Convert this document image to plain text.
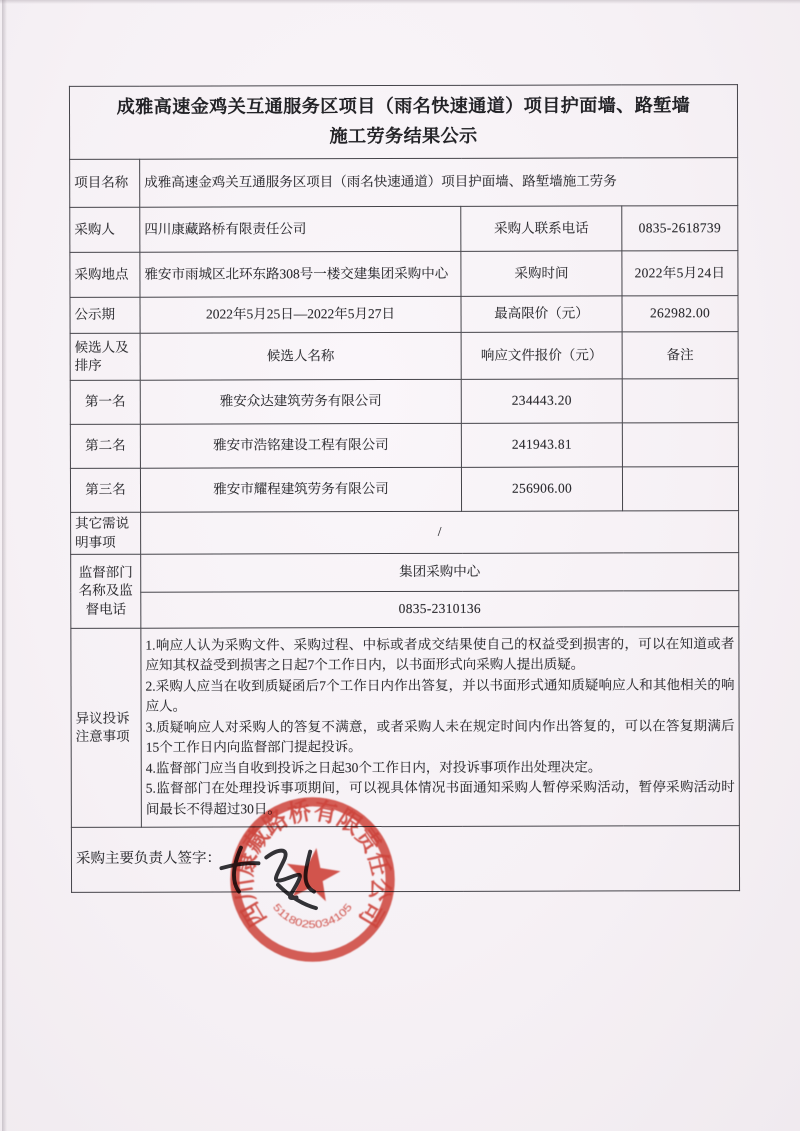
成雅高速金鸡关互通服务区项目（雨名快速通道）项目护面墙、路堑墙
施工劳务结果公示			

项目名称	成雅高速金鸡关互通服务区项目（雨名快速通道）项目护面墙、路堑墙施工劳务		
采购人	四川康藏路桥有限责任公司	采购人联系电话	0835-2618739
采购地点	雅安市雨城区北环东路308号一楼交建集团采购中心	采购时间	2022年5月24日
公示期	2022年5月25日—2022年5月27日	最高限价（元）	262982.00
候选人及排序	候选人名称	响应文件报价（元）	备注
第一名	雅安众达建筑劳务有限公司	234443.20	
第二名	雅安市浩铭建设工程有限公司	241943.81	
第三名	雅安市耀程建筑劳务有限公司	256906.00	
其它需说明事项	/		
监督部门名称及监督电话	集团采购中心		
	0835-2310136		
异议投诉注意事项	1.响应人认为采购文件、采购过程、中标或者成交结果使自己的权益受到损害的，可以在知道或者应知其权益受到损害之日起7个工作日内，以书面形式向采购人提出质疑。
2.采购人应当在收到质疑函后7个工作日内作出答复，并以书面形式通知质疑响应人和其他相关的响应人。
3.质疑响应人对采购人的答复不满意，或者采购人未在规定时间内作出答复的，可以在答复期满后15个工作日内向监督部门提起投诉。
4.监督部门应当自收到投诉之日起30个工作日内，对投诉事项作出处理决定。
5.监督部门在处理投诉事项期间，可以视具体情况书面通知采购人暂停采购活动，暂停采购活动时间最长不得超过30日。		

采购主要负责人签字：			
四川康藏路桥有限责任公司
5118025034105
